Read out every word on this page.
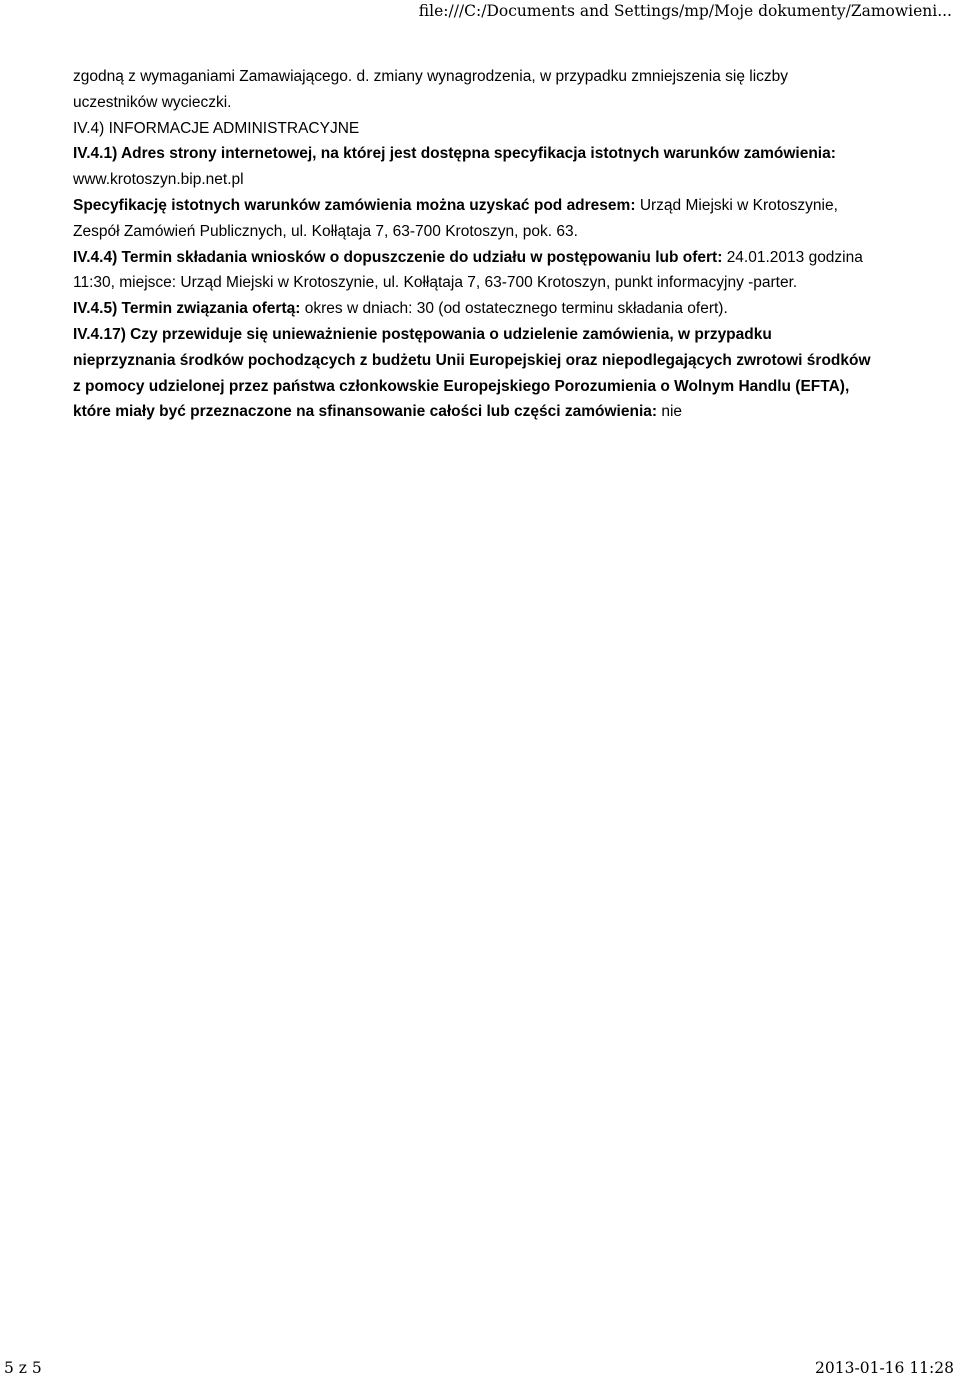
file:///C:/Documents and Settings/mp/Moje dokumenty/Zamowieni...

zgodną z wymaganiami Zamawiającego. d. zmiany wynagrodzenia, w przypadku zmniejszenia się liczby uczestników wycieczki.

IV.4) INFORMACJE ADMINISTRACYJNE

IV.4.1) Adres strony internetowej, na której jest dostępna specyfikacja istotnych warunków zamówienia: www.krotoszyn.bip.net.pl

Specyfikację istotnych warunków zamówienia można uzyskać pod adresem: Urząd Miejski w Krotoszynie, Zespół Zamówień Publicznych, ul. Kołłątaja 7, 63-700 Krotoszyn, pok. 63.

IV.4.4) Termin składania wniosków o dopuszczenie do udziału w postępowaniu lub ofert: 24.01.2013 godzina 11:30, miejsce: Urząd Miejski w Krotoszynie, ul. Kołłątaja 7, 63-700 Krotoszyn, punkt informacyjny -parter.

IV.4.5) Termin związania ofertą: okres w dniach: 30 (od ostatecznego terminu składania ofert).

IV.4.17) Czy przewiduje się unieważnienie postępowania o udzielenie zamówienia, w przypadku nieprzyznania środków pochodzących z budżetu Unii Europejskiej oraz niepodlegających zwrotowi środków z pomocy udzielonej przez państwa członkowskie Europejskiego Porozumienia o Wolnym Handlu (EFTA), które miały być przeznaczone na sfinansowanie całości lub części zamówienia: nie

5 z 5	2013-01-16 11:28
